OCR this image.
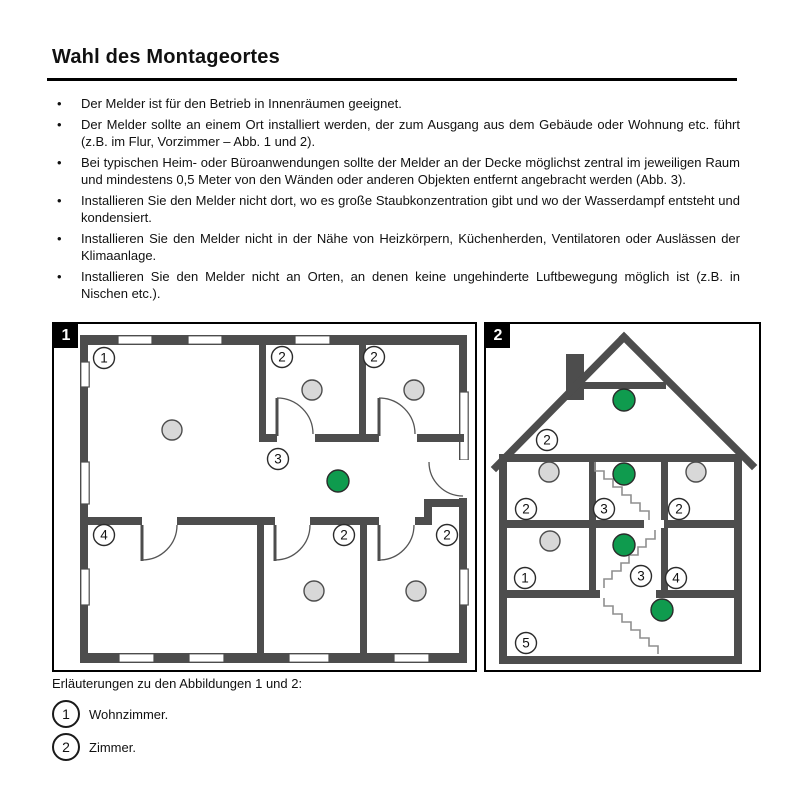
Wahl des Montageortes
•	Der Melder ist für den Betrieb in Innenräumen geeignet.

•	Der Melder sollte an einem Ort installiert werden, der zum Ausgang aus dem Gebäude oder Wohnung etc. führt (z.B. im Flur, Vorzimmer – Abb. 1 und 2).

•	Bei typischen Heim- oder Büroanwendungen sollte der Melder an der Decke möglichst zentral im jeweiligen Raum und mindestens 0,5 Meter von den Wänden oder anderen Objekten entfernt angebracht werden (Abb. 3).

•	Installieren Sie den Melder nicht dort, wo es große Staubkonzentration gibt und wo der Wasserdampf entsteht und kondensiert.

•	Installieren Sie den Melder nicht in der Nähe von Heizkörpern, Küchenherden, Ventilatoren oder Auslässen der Klimaanlage.

•	Installieren Sie den Melder nicht an Orten, an denen keine ungehinderte Luftbewegung möglich ist (z.B. in Nischen etc.).

1
1	2	2
3
4	2	2
2
2
2	3	2
1	3 4
5

Erläuterungen zu den Abbildungen 1 und 2:

1	Wohnzimmer.
2	Zimmer.
